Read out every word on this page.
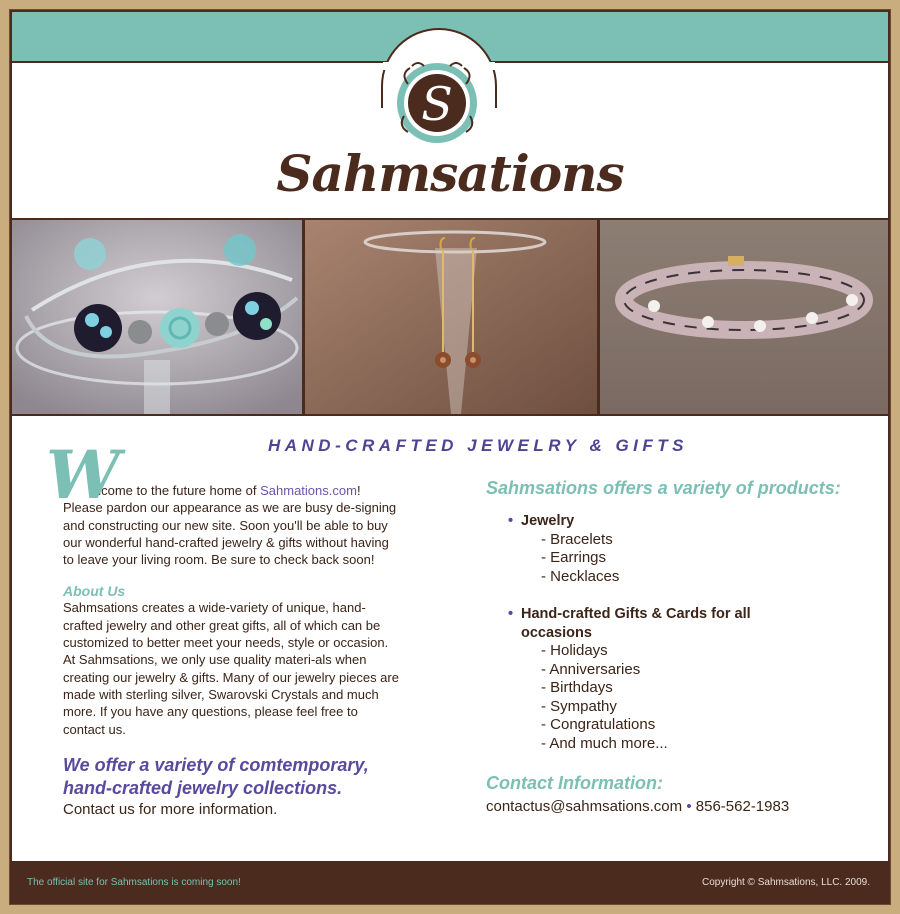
S
Sahmsations
HAND-CRAFTED JEWELRY & GIFTS
W
elcome to the future home of Sahmations.com!
Please pardon our appearance as we are busy de-signing and constructing our new site. Soon you'll be able to buy our wonderful hand-crafted jewelry & gifts without having to leave your living room. Be sure to check back soon!
About Us
Sahmsations creates a wide-variety of unique, hand-crafted jewelry and other great gifts, all of which can be customized to better meet your needs, style or occasion. At Sahmsations, we only use quality materi-als when creating our jewelry & gifts. Many of our jewelry pieces are made with sterling silver, Swarovski Crystals and much more. If you have any questions, please feel free to contact us.
We offer a variety of comtemporary,
hand-crafted jewelry collections.
Contact us for more information.
Sahmsations offers a variety of products:
• Jewelry
- Bracelets
- Earrings
- Necklaces
• Hand-crafted Gifts & Cards for all
occasions
- Holidays
- Anniversaries
- Birthdays
- Sympathy
- Congratulations
- And much more...
Contact Information:
contactus@sahmsations.com • 856-562-1983
The official site for Sahmsations is coming soon!	Copyright © Sahmsations, LLC. 2009.
